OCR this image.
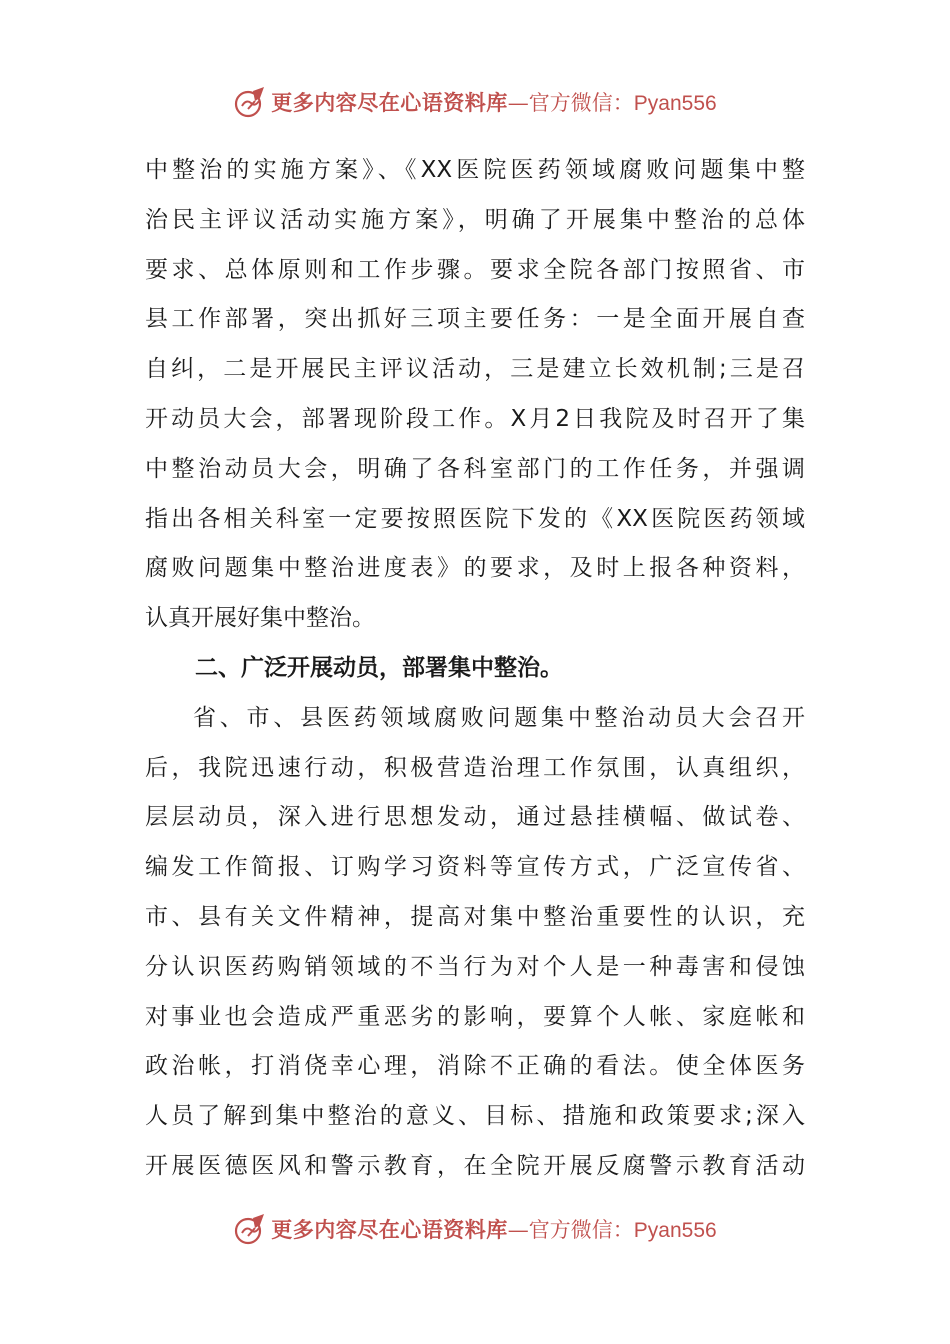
更多内容尽在心语资料库—官方微信：Pyan556
中整治的实施方案》、《XX医院医药领域腐败问题集中整
治民主评议活动实施方案》，明确了开展集中整治的总体
要求、总体原则和工作步骤。要求全院各部门按照省、市
县工作部署，突出抓好三项主要任务：一是全面开展自查
自纠，二是开展民主评议活动，三是建立长效机制;三是召
开动员大会，部署现阶段工作。X月2日我院及时召开了集
中整治动员大会，明确了各科室部门的工作任务，并强调
指出各相关科室一定要按照医院下发的《XX医院医药领域
腐败问题集中整治进度表》的要求，及时上报各种资料，
认真开展好集中整治。
二、广泛开展动员，部署集中整治。
省、市、县医药领域腐败问题集中整治动员大会召开
后，我院迅速行动，积极营造治理工作氛围，认真组织，
层层动员，深入进行思想发动，通过悬挂横幅、做试卷、
编发工作简报、订购学习资料等宣传方式，广泛宣传省、
市、县有关文件精神，提高对集中整治重要性的认识，充
分认识医药购销领域的不当行为对个人是一种毒害和侵蚀
对事业也会造成严重恶劣的影响，要算个人帐、家庭帐和
政治帐，打消侥幸心理，消除不正确的看法。使全体医务
人员了解到集中整治的意义、目标、措施和政策要求;深入
开展医德医风和警示教育，在全院开展反腐警示教育活动
更多内容尽在心语资料库—官方微信：Pyan556
